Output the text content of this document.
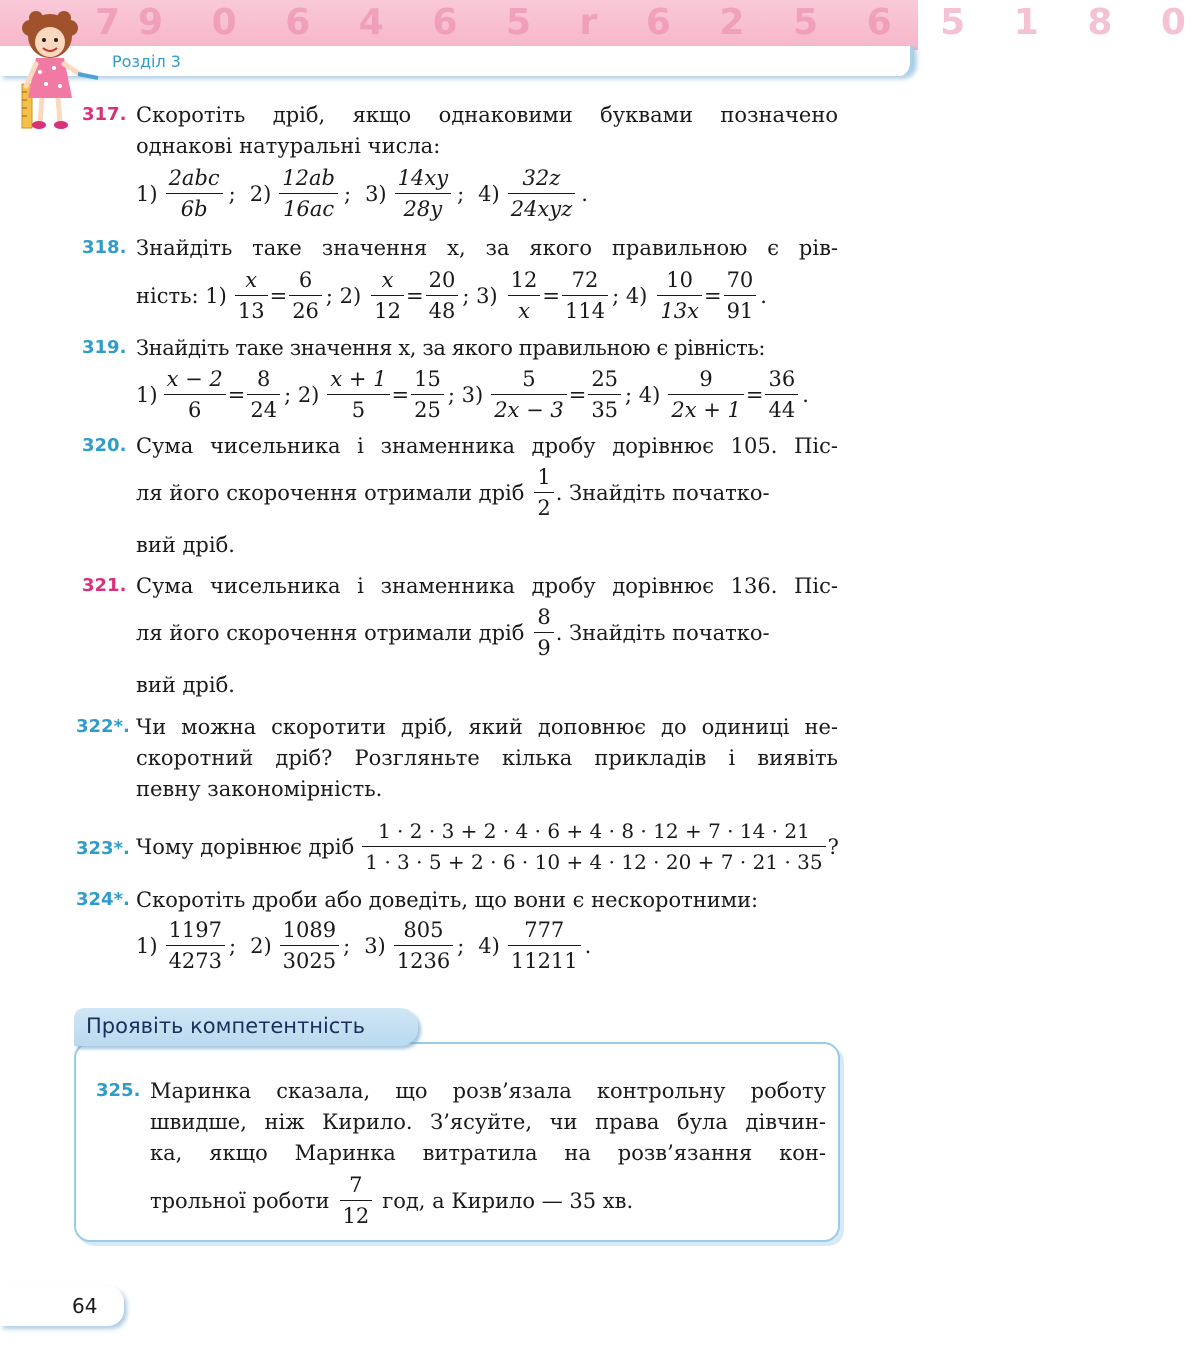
79 0 6 4 6 5 r 6 2 5 6 5 1 8 0
Розділ 3
317. Скоротіть дріб, якщо однаковими буквами позначено
однакові натуральні числа:
$1) \frac{\text{2abc}}{6b}$ ; $2) \frac{12ab}{16ac}$ ; $3) \frac{14xy}{28y}$ ; $4) \frac{32z}{\text{24xyz}}$ .
318. Знайдіть таке значення x, за якого правильною є рів-
ність: $1) \frac{x}{13} = \frac{6}{26}$ ; $2) \frac{x}{12} = \frac{20}{48}$ ; $3) \frac{12}{x} = \frac{72}{114}$ ; $4) \frac{10}{13x} = \frac{70}{91}$ .
319. Знайдіть таке значення x, за якого правильною є рівність:
$1) \frac{x - 2}{6} = \frac{8}{24}$ ; $2) \frac{x + 1}{5} = \frac{15}{25}$ ; $3) \frac{5}{2x - 3} = \frac{25}{35}$ ; $4) \frac{9}{2x + 1} = \frac{36}{44}$ .
320. Сума чисельника і знаменника дробу дорівнює 105. Піс-
ля його скорочення отримали дріб $\frac{1}{2}$ . Знайдіть початко-
вий дріб.
321. Сума чисельника і знаменника дробу дорівнює 136. Піс-
ля його скорочення отримали дріб $\frac{8}{9}$ . Знайдіть початко-
вий дріб.
322*. Чи можна скоротити дріб, який доповнює до одиниці не-
скоротний дріб? Розгляньте кілька прикладів і виявіть
певну закономірність.
323*. Чому дорівнює дріб $\frac{1 \cdot 2 \cdot 3 + 2 \cdot 4 \cdot 6 + 4 \cdot 8 \cdot 12 + 7 \cdot 14 \cdot 21}{1 \cdot 3 \cdot 5 + 2 \cdot 6 \cdot 10 + 4 \cdot 12 \cdot 20 + 7 \cdot 21 \cdot 35}$ ?
324*. Скоротіть дроби або доведіть, що вони є нескоротними:
$1) \frac{1197}{4273}$ ; $2) \frac{1089}{3025}$ ; $3) \frac{805}{1236}$ ; $4) \frac{777}{11211}$ .
Проявіть компетентність
325. Маринка сказала, що розв’язала контрольну роботу
швидше, ніж Кирило. З’ясуйте, чи права була дівчин-
ка, якщо Маринка витратила на розв’язання кон-
трольної роботи $\frac{7}{12}$ год, а Кирило — 35 хв.
64
